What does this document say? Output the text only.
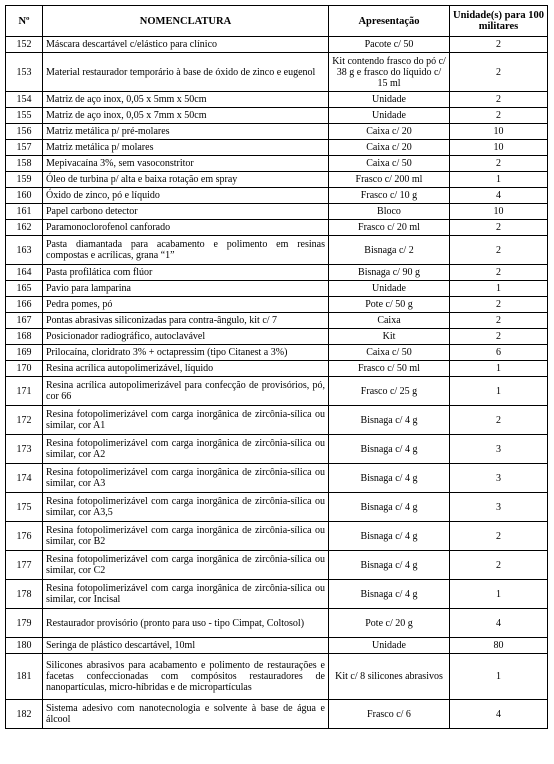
Nº	NOMENCLATURA	Apresentação	Unidade(s) para 100 militares
152	Máscara descartável c/elástico para clínico	Pacote c/ 50	2
153	Material restaurador temporário à base de óxido de zinco e eugenol	Kit contendo frasco do pó c/ 38 g e frasco do líquido c/ 15 ml	2
154	Matriz de aço inox, 0,05 x 5mm x 50cm	Unidade	2
155	Matriz de aço inox, 0,05 x 7mm x 50cm	Unidade	2
156	Matriz metálica p/ pré-molares	Caixa c/ 20	10
157	Matriz metálica p/ molares	Caixa c/ 20	10
158	Mepivacaína 3%, sem vasoconstritor	Caixa c/ 50	2
159	Óleo de turbina p/ alta e baixa rotação em spray	Frasco c/ 200 ml	1
160	Óxido de zinco, pó e líquido	Frasco c/ 10 g	4
161	Papel carbono detector	Bloco	10
162	Paramonoclorofenol canforado	Frasco c/ 20 ml	2
163	Pasta diamantada para acabamento e polimento em resinas compostas e acrílicas, grana “1”	Bisnaga c/ 2	2
164	Pasta profilática com flúor	Bisnaga c/ 90 g	2
165	Pavio para lamparina	Unidade	1
166	Pedra pomes, pó	Pote c/ 50 g	2
167	Pontas abrasivas siliconizadas para contra-ângulo, kit c/ 7	Caixa	2
168	Posicionador radiográfico, autoclavável	Kit	2
169	Prilocaína, cloridrato 3% + octapressim (tipo Citanest a 3%)	Caixa c/ 50	6
170	Resina acrílica autopolimerizável, líquido	Frasco c/ 50 ml	1
171	Resina acrílica autopolimerizável para confecção de provisórios, pó, cor 66	Frasco c/ 25 g	1
172	Resina fotopolimerizável com carga inorgânica de zircônia-sílica ou similar, cor A1	Bisnaga c/ 4 g	2
173	Resina fotopolimerizável com carga inorgânica de zircônia-sílica ou similar, cor A2	Bisnaga c/ 4 g	3
174	Resina fotopolimerizável com carga inorgânica de zircônia-sílica ou similar, cor A3	Bisnaga c/ 4 g	3
175	Resina fotopolimerizável com carga inorgânica de zircônia-sílica ou similar, cor A3,5	Bisnaga c/ 4 g	3
176	Resina fotopolimerizável com carga inorgânica de zircônia-sílica ou similar, cor B2	Bisnaga c/ 4 g	2
177	Resina fotopolimerizável com carga inorgânica de zircônia-sílica ou similar, cor C2	Bisnaga c/ 4 g	2
178	Resina fotopolimerizável com carga inorgânica de zircônia-sílica ou similar, cor Incisal	Bisnaga c/ 4 g	1
179	Restaurador provisório (pronto para uso - tipo Cimpat, Coltosol)	Pote c/ 20 g	4
180	Seringa de plástico descartável, 10ml	Unidade	80
181	Silicones abrasivos para acabamento e polimento de restaurações e facetas confeccionadas com compósitos restauradores de nanopartículas, micro-híbridas e de micropartículas	Kit c/ 8 silicones abrasivos	1
182	Sistema adesivo com nanotecnologia e solvente à base de água e álcool	Frasco c/ 6	4
